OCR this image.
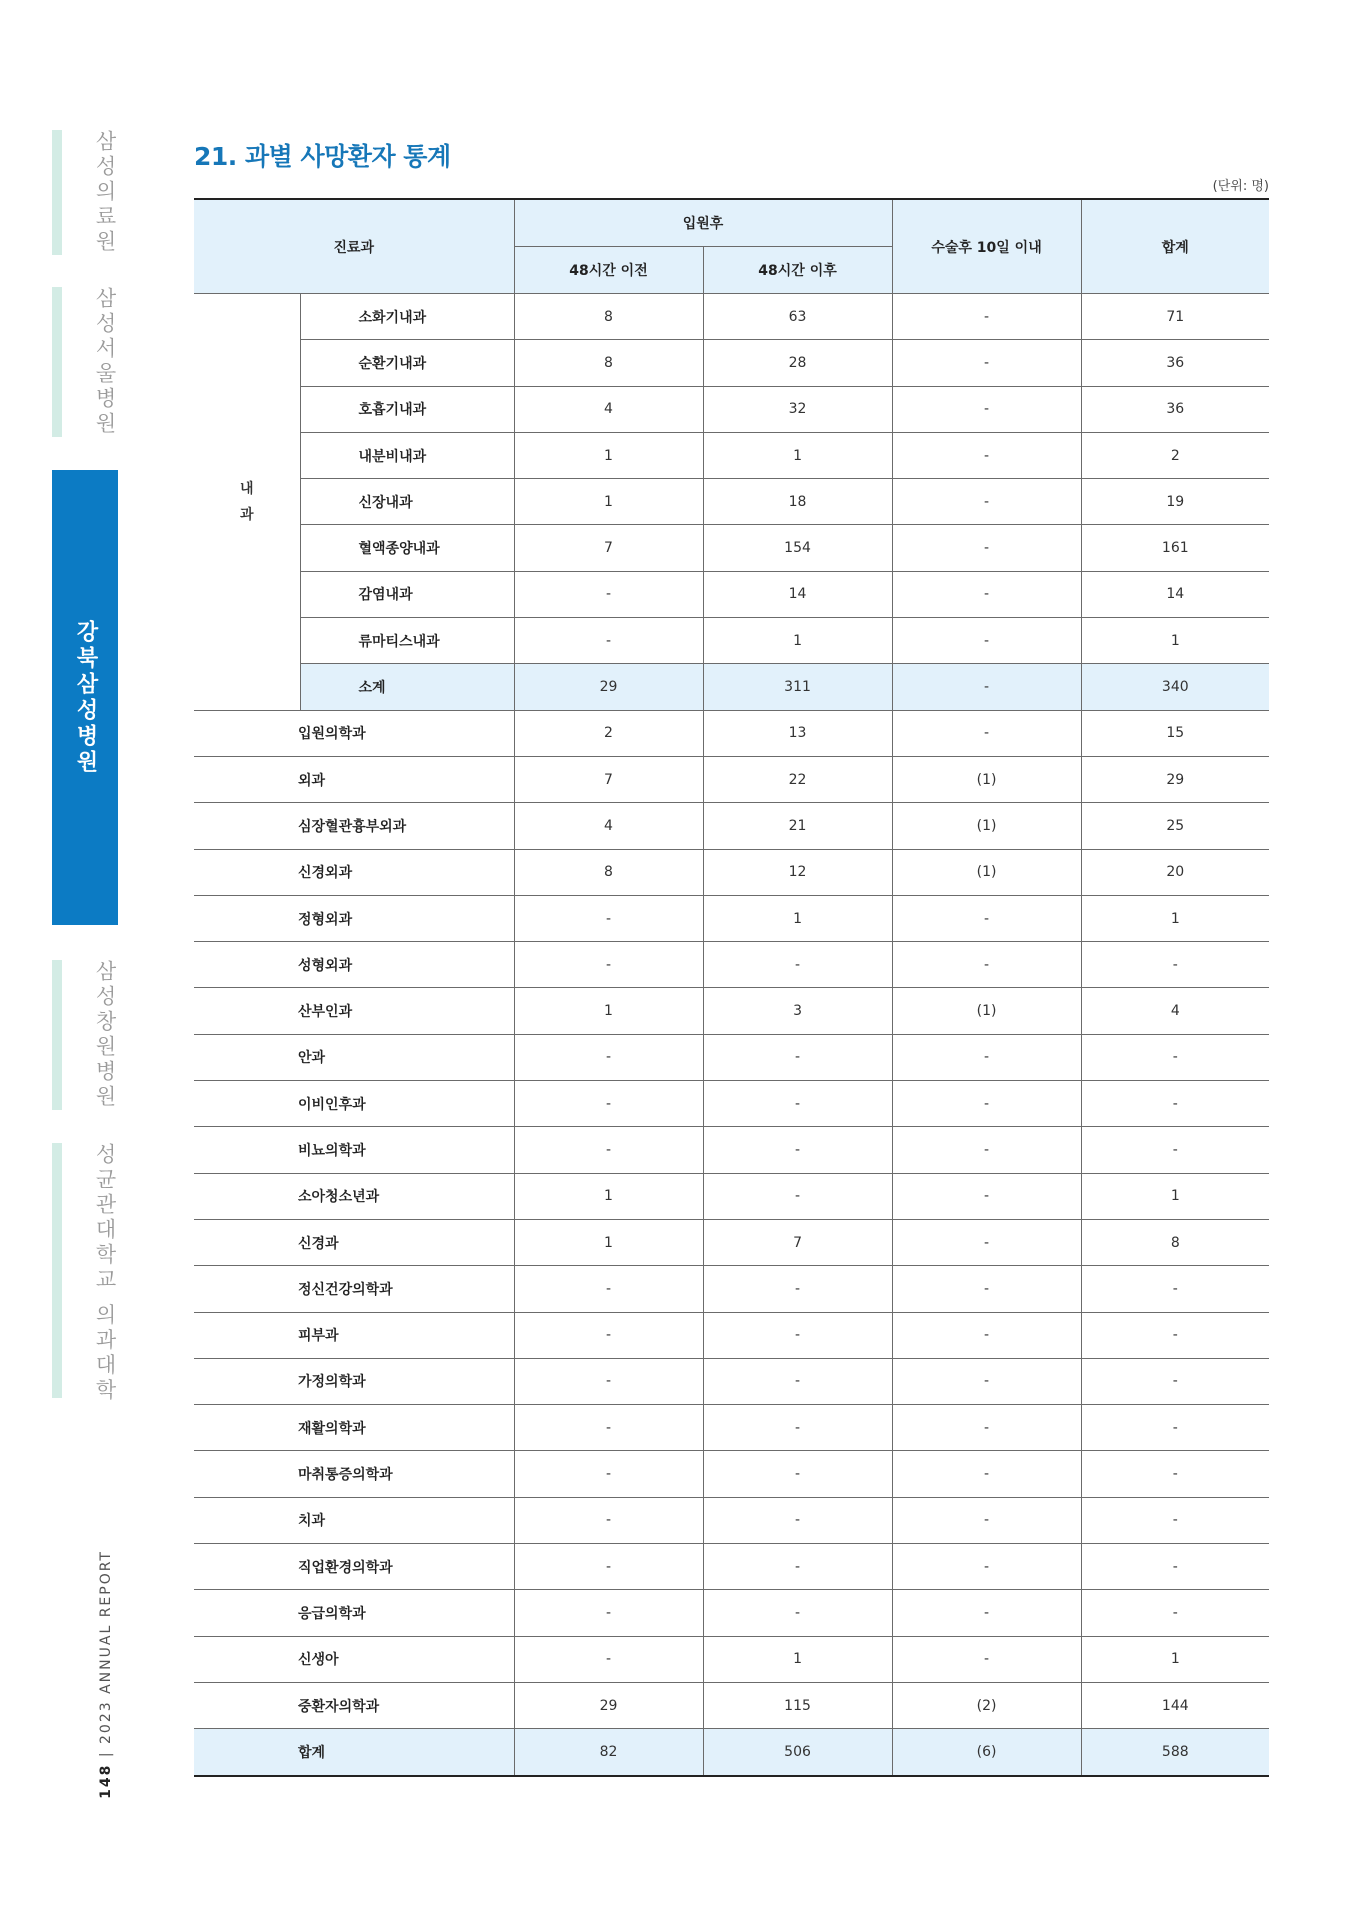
삼성의료원
삼성서울병원
강북삼성병원
삼성창원병원
성균관대학교 의과대학
148 | 2023 ANNUAL REPORT
21. 과별 사망환자 통계
(단위: 명)
진료과		입원후		수술후 10일 이내	합계
		48시간 이전	48시간 이후		
내과	소화기내과	8	63	-	71
	순환기내과	8	28	-	36
	호흡기내과	4	32	-	36
	내분비내과	1	1	-	2
	신장내과	1	18	-	19
	혈액종양내과	7	154	-	161
	감염내과	-	14	-	14
	류마티스내과	-	1	-	1
	소계	29	311	-	340
입원의학과		2	13	-	15
외과		7	22	(1)	29
심장혈관흉부외과		4	21	(1)	25
신경외과		8	12	(1)	20
정형외과		-	1	-	1
성형외과		-	-	-	-
산부인과		1	3	(1)	4
안과		-	-	-	-
이비인후과		-	-	-	-
비뇨의학과		-	-	-	-
소아청소년과		1	-	-	1
신경과		1	7	-	8
정신건강의학과		-	-	-	-
피부과		-	-	-	-
가정의학과		-	-	-	-
재활의학과		-	-	-	-
마취통증의학과		-	-	-	-
치과		-	-	-	-
직업환경의학과		-	-	-	-
응급의학과		-	-	-	-
신생아		-	1	-	1
중환자의학과		29	115	(2)	144
합계		82	506	(6)	588
